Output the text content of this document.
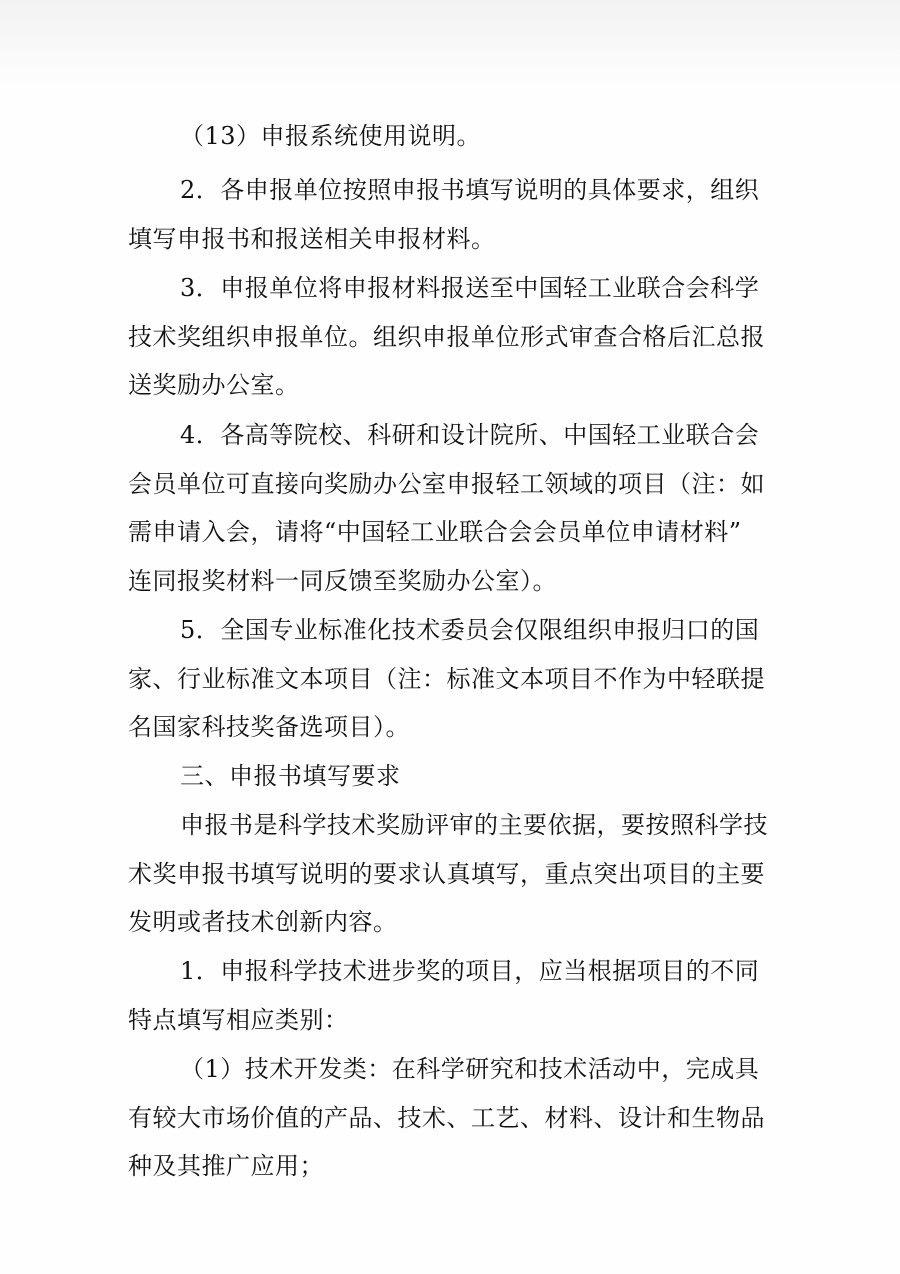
（13）申报系统使用说明。

2．各申报单位按照申报书填写说明的具体要求，组织

填写申报书和报送相关申报材料。

3．申报单位将申报材料报送至中国轻工业联合会科学

技术奖组织申报单位。组织申报单位形式审查合格后汇总报

送奖励办公室。

4．各高等院校、科研和设计院所、中国轻工业联合会

会员单位可直接向奖励办公室申报轻工领域的项目（注：如

需申请入会，请将“中国轻工业联合会会员单位申请材料”

连同报奖材料一同反馈至奖励办公室）。

5．全国专业标准化技术委员会仅限组织申报归口的国

家、行业标准文本项目（注：标准文本项目不作为中轻联提

名国家科技奖备选项目）。

三、申报书填写要求

申报书是科学技术奖励评审的主要依据，要按照科学技

术奖申报书填写说明的要求认真填写，重点突出项目的主要

发明或者技术创新内容。

1．申报科学技术进步奖的项目，应当根据项目的不同

特点填写相应类别：

（1）技术开发类：在科学研究和技术活动中，完成具

有较大市场价值的产品、技术、工艺、材料、设计和生物品

种及其推广应用；
